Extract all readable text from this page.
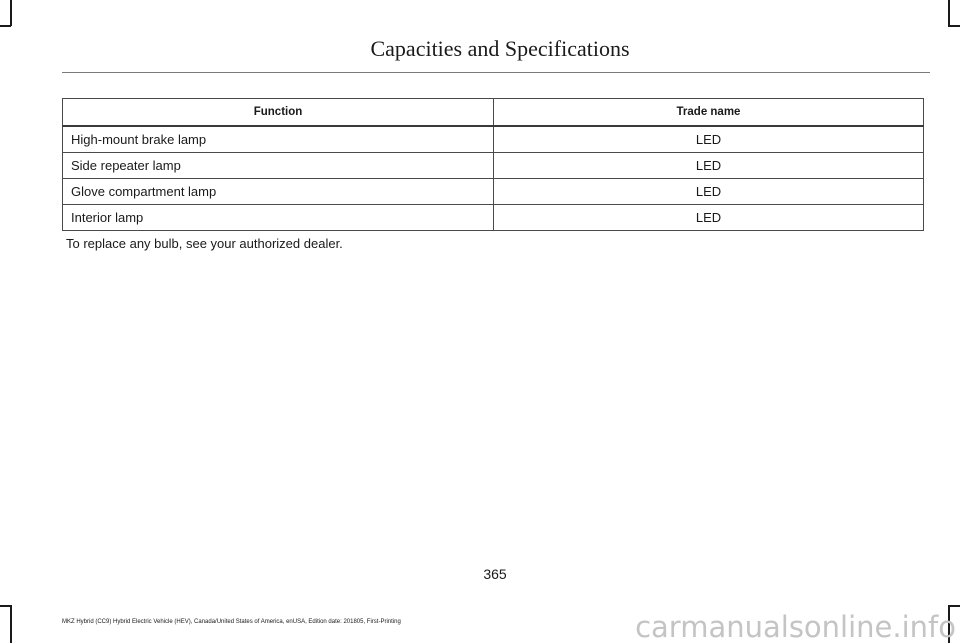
Capacities and Specifications
Function	Trade name
High-mount brake lamp	LED
Side repeater lamp	LED
Glove compartment lamp	LED
Interior lamp	LED
To replace any bulb, see your authorized dealer.
365
MKZ Hybrid (CC9) Hybrid Electric Vehicle (HEV), Canada/United States of America, enUSA, Edition date: 201805, First-Printing	carmanualsonline.info
